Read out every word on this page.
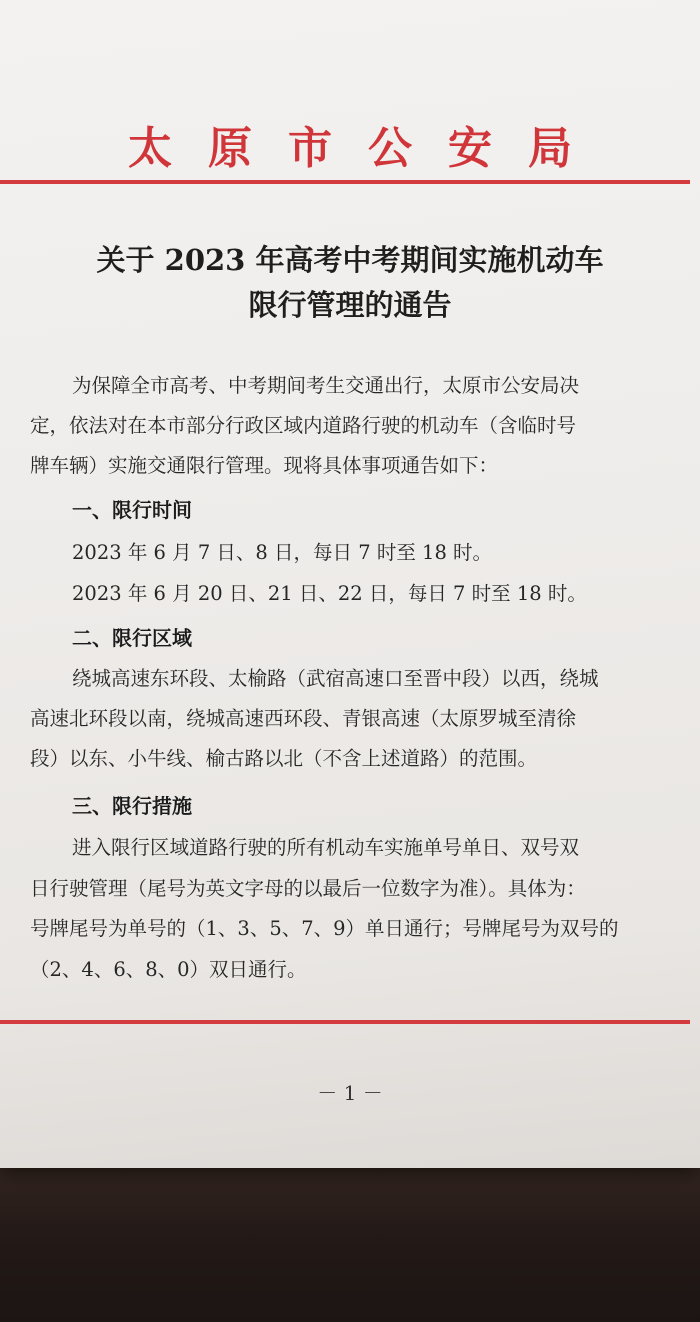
太原市公安局
关于 2023 年高考中考期间实施机动车
限行管理的通告
为保障全市高考、中考期间考生交通出行，太原市公安局决
定，依法对在本市部分行政区域内道路行驶的机动车（含临时号
牌车辆）实施交通限行管理。现将具体事项通告如下：
一、限行时间
2023 年 6 月 7 日、8 日，每日 7 时至 18 时。
2023 年 6 月 20 日、21 日、22 日，每日 7 时至 18 时。
二、限行区域
绕城高速东环段、太榆路（武宿高速口至晋中段）以西，绕城
高速北环段以南，绕城高速西环段、青银高速（太原罗城至清徐
段）以东、小牛线、榆古路以北（不含上述道路）的范围。
三、限行措施
进入限行区域道路行驶的所有机动车实施单号单日、双号双
日行驶管理（尾号为英文字母的以最后一位数字为准）。具体为：
号牌尾号为单号的（1、3、5、7、9）单日通行；号牌尾号为双号的
（2、4、6、8、0）双日通行。
－ 1 －
